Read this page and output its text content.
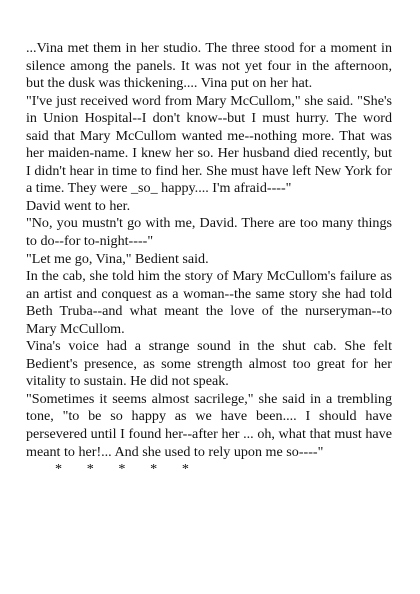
...Vina met them in her studio. The three stood for a moment in silence among the panels. It was not yet four in the afternoon, but the dusk was thickening.... Vina put on her hat.

"I've just received word from Mary McCullom," she said. "She's in Union Hospital--I don't know--but I must hurry. The word said that Mary McCullom wanted me--nothing more. That was her maiden-name. I knew her so. Her husband died recently, but I didn't hear in time to find her. She must have left New York for a time. They were _so_ happy.... I'm afraid----"

David went to her.

"No, you mustn't go with me, David. There are too many things to do--for to-night----"

"Let me go, Vina," Bedient said.

In the cab, she told him the story of Mary McCullom's failure as an artist and conquest as a woman--the same story she had told Beth Truba--and what meant the love of the nurseryman--to Mary McCullom.

Vina's voice had a strange sound in the shut cab. She felt Bedient's presence, as some strength almost too great for her vitality to sustain. He did not speak.

"Sometimes it seems almost sacrilege," she said in a trembling tone, "to be so happy as we have been.... I should have persevered until I found her--after her ... oh, what that must have meant to her!... And she used to rely upon me so----"

*       *       *       *       *
